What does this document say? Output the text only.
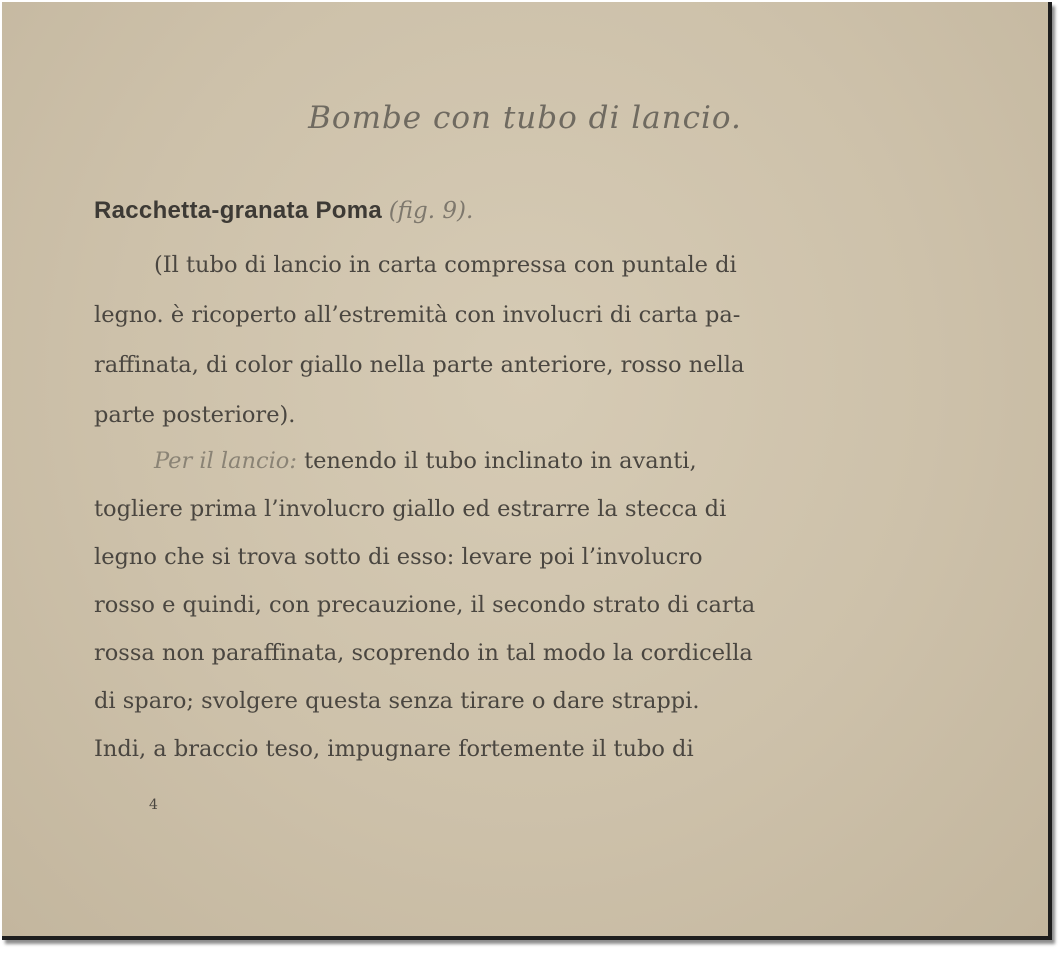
Bombe con tubo di lancio.
Racchetta-granata Poma (fig. 9).
(Il tubo di lancio in carta compressa con puntale di
legno. è ricoperto all’estremità con involucri di carta pa-
raffinata, di color giallo nella parte anteriore, rosso nella
parte posteriore).
Per il lancio: tenendo il tubo inclinato in avanti,
togliere prima l’involucro giallo ed estrarre la stecca di
legno che si trova sotto di esso: levare poi l’involucro
rosso e quindi, con precauzione, il secondo strato di carta
rossa non paraffinata, scoprendo in tal modo la cordicella
di sparo; svolgere questa senza tirare o dare strappi.
Indi, a braccio teso, impugnare fortemente il tubo di
4
